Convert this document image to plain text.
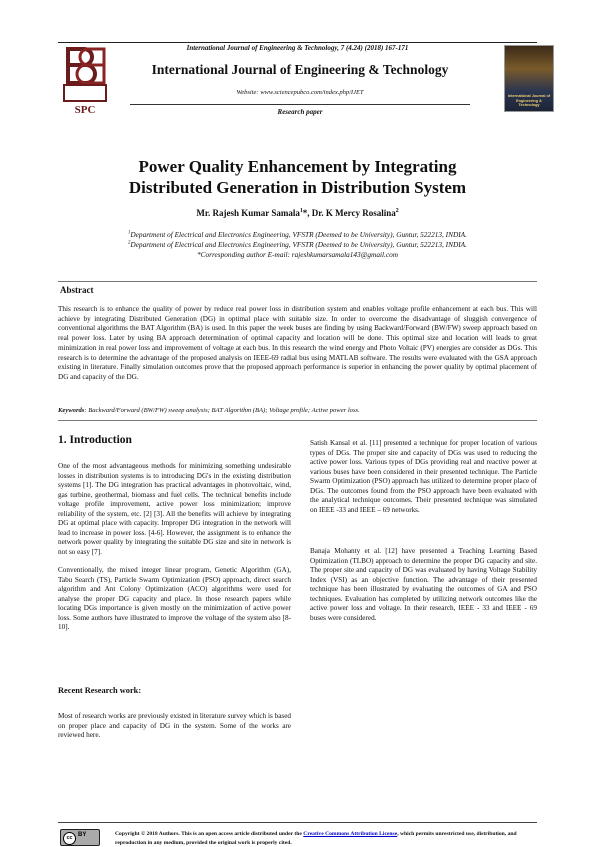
International Journal of Engineering & Technology, 7 (4.24) (2018) 167-171
SPC
International Journal of Engineering & Technology
Website: www.sciencepubco.com/index.php/IJET
Research paper
International Journal of Engineering & Technology
Power Quality Enhancement by Integrating
Distributed Generation in Distribution System
Mr. Rajesh Kumar Samala$^1$*, Dr. K Mercy Rosalina$^2$
$^1$Department of Electrical and Electronics Engineering, VFSTR (Deemed to be University), Guntur, 522213, INDIA.
$^2$Department of Electrical and Electronics Engineering, VFSTR (Deemed to be University), Guntur, 522213, INDIA.
*Corresponding author E-mail: rajeshkumarsamala143@gmail.com
Abstract
This research is to enhance the quality of power by reduce real power loss in distribution system and enables voltage profile enhancement at each bus. This will achieve by integrating Distributed Generation (DG) in optimal place with suitable size. In order to overcome the disadvantage of sluggish convergence of conventional algorithms the BAT Algorithm (BA) is used. In this paper the week buses are finding by using Backward/Forward (BW/FW) sweep approach based on real power loss. Later by using BA approach determination of optimal capacity and location will be done. This optimal size and location will leads to great minimization in real power loss and improvement of voltage at each bus. In this research the wind energy and Photo Voltaic (PV) energies are consider as DGs. This research is to determine the advantage of the proposed analysis on IEEE-69 radial bus using MATLAB software. The results were evaluated with the GSA approach existing in literature. Finally simulation outcomes prove that the proposed approach performance is superior in enhancing the power quality by optimal placement of DG and capacity of the DG.
Keywords: Backward/Forward (BW/FW) sweep analysis; BAT Algorithm (BA); Voltage profile; Active power loss.
1. Introduction
One of the most advantageous methods for minimizing something undesirable losses in distribution systems is to introducing DG's in the existing distribution systems [1]. The DG integration has practical advantages in photovoltaic, wind, gas turbine, geothermal, biomass and fuel cells. The technical benefits include voltage profile improvement, active power loss minimization; improve reliability of the system, etc. [2] [3]. All the benefits will achieve by integrating DG at optimal place with capacity. Improper DG integration in the network will lead to increase in power loss. [4-6]. However, the assignment is to enhance the network power quality by integrating the suitable DG size and site in network is not so easy [7].
Conventionally, the mixed integer linear program, Genetic Algorithm (GA), Tabu Search (TS), Particle Swarm Optimization (PSO) approach, direct search algorithm and Ant Colony Optimization (ACO) algorithms were used for analyse the proper DG capacity and place. In those research papers while locating DGs importance is given mostly on the minimization of active power loss. Some authors have illustrated to improve the voltage of the system also [8-10].
Recent Research work:
Most of research works are previously existed in literature survey which is based on proper place and capacity of DG in the system. Some of the works are reviewed here.
Satish Kansal et al. [11] presented a technique for proper location of various types of DGs. The proper site and capacity of DGs was used to reducing the active power loss. Various types of DGs providing real and reactive power at various buses have been considered in their presented technique. The Particle Swarm Optimization (PSO) approach has utilized to determine proper place of DGs. The outcomes found from the PSO approach have been evaluated with the analytical technique outcomes. Their presented technique was simulated on IEEE -33 and IEEE – 69 networks.
Banaja Mohanty et al. [12] have presented a Teaching Learning Based Optimization (TLBO) approach to determine the proper DG capacity and site. The proper site and capacity of DG was evaluated by having Voltage Stability Index (VSI) as an objective function. The advantage of their presented technique has been illustrated by evaluating the outcomes of GA and PSO techniques. Evaluation has completed by utilizing network outcomes like the active power loss and voltage. In their research, IEEE - 33 and IEEE - 69 buses were considered.
cc BY	Copyright © 2018 Authors. This is an open access article distributed under the Creative Commons Attribution License, which permits unrestricted use, distribution, and reproduction in any medium, provided the original work is properly cited.
